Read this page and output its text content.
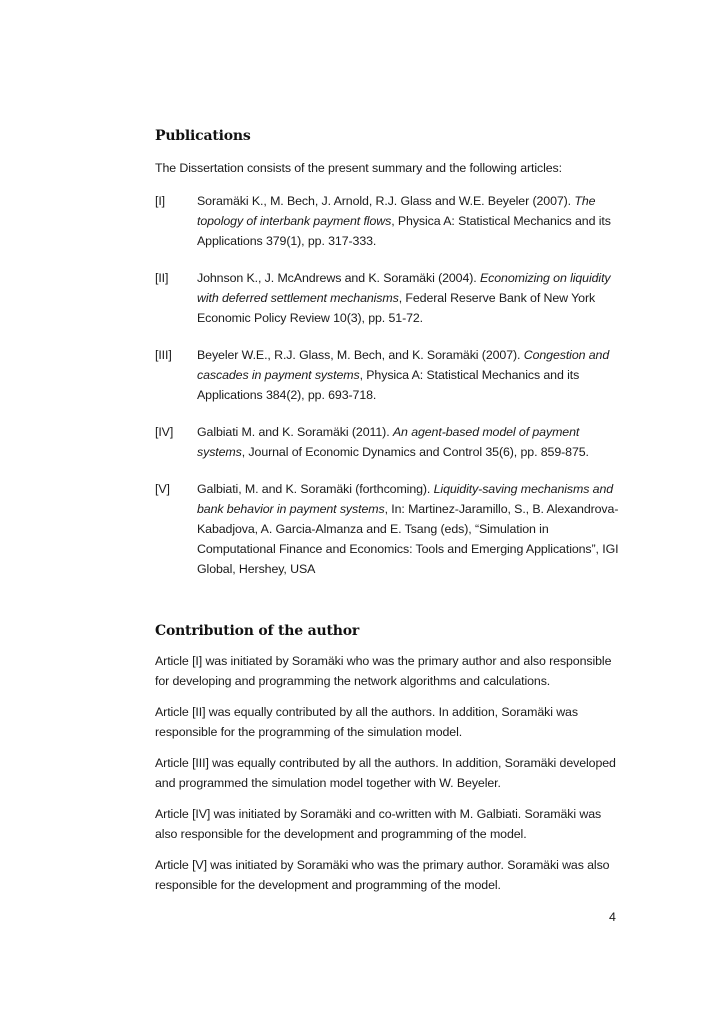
Publications

The Dissertation consists of the present summary and the following articles:

[I]	Soramäki K., M. Bech, J. Arnold, R.J. Glass and W.E. Beyeler (2007). The topology of interbank payment flows, Physica A: Statistical Mechanics and its Applications 379(1), pp. 317-333.
[II]	Johnson K., J. McAndrews and K. Soramäki (2004). Economizing on liquidity with deferred settlement mechanisms, Federal Reserve Bank of New York Economic Policy Review 10(3), pp. 51-72.
[III]	Beyeler W.E., R.J. Glass, M. Bech, and K. Soramäki (2007). Congestion and cascades in payment systems, Physica A: Statistical Mechanics and its Applications 384(2), pp. 693-718.
[IV]	Galbiati M. and K. Soramäki (2011). An agent-based model of payment systems, Journal of Economic Dynamics and Control 35(6), pp. 859-875.
[V]	Galbiati, M. and K. Soramäki (forthcoming). Liquidity-saving mechanisms and bank behavior in payment systems, In: Martinez-Jaramillo, S., B. Alexandrova-Kabadjova, A. Garcia-Almanza and E. Tsang (eds), “Simulation in Computational Finance and Economics: Tools and Emerging Applications”, IGI Global, Hershey, USA
Contribution of the author

Article [I] was initiated by Soramäki who was the primary author and also responsible for developing and programming the network algorithms and calculations.

Article [II] was equally contributed by all the authors. In addition, Soramäki was responsible for the programming of the simulation model.

Article [III] was equally contributed by all the authors. In addition, Soramäki developed and programmed the simulation model together with W. Beyeler.

Article [IV] was initiated by Soramäki and co-written with M. Galbiati. Soramäki was also responsible for the development and programming of the model.

Article [V] was initiated by Soramäki who was the primary author. Soramäki was also responsible for the development and programming of the model.

4
